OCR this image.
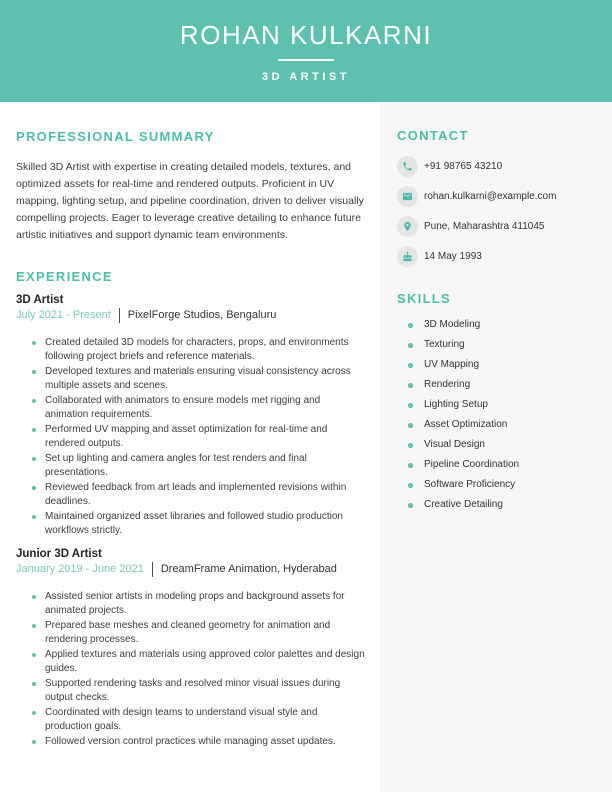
ROHAN KULKARNI
3D ARTIST
PROFESSIONAL SUMMARY

Skilled 3D Artist with expertise in creating detailed models, textures, and optimized assets for real-time and rendered outputs. Proficient in UV mapping, lighting setup, and pipeline coordination, driven to deliver visually compelling projects. Eager to leverage creative detailing to enhance future artistic initiatives and support dynamic team environments.

EXPERIENCE
3D Artist
July 2021 - Present PixelForge Studios, Bengaluru
Created detailed 3D models for characters, props, and environments following project briefs and reference materials.
Developed textures and materials ensuring visual consistency across multiple assets and scenes.
Collaborated with animators to ensure models met rigging and animation requirements.
Performed UV mapping and asset optimization for real-time and rendered outputs.
Set up lighting and camera angles for test renders and final presentations.
Reviewed feedback from art leads and implemented revisions within deadlines.
Maintained organized asset libraries and followed studio production workflows strictly.
Junior 3D Artist
January 2019 - June 2021 DreamFrame Animation, Hyderabad
Assisted senior artists in modeling props and background assets for animated projects.
Prepared base meshes and cleaned geometry for animation and rendering processes.
Applied textures and materials using approved color palettes and design guides.
Supported rendering tasks and resolved minor visual issues during output checks.
Coordinated with design teams to understand visual style and production goals.
Followed version control practices while managing asset updates.
CONTACT
+91 98765 43210
rohan.kulkarni@example.com
Pune, Maharashtra 411045
14 May 1993
SKILLS
3D Modeling
Texturing
UV Mapping
Rendering
Lighting Setup
Asset Optimization
Visual Design
Pipeline Coordination
Software Proficiency
Creative Detailing
